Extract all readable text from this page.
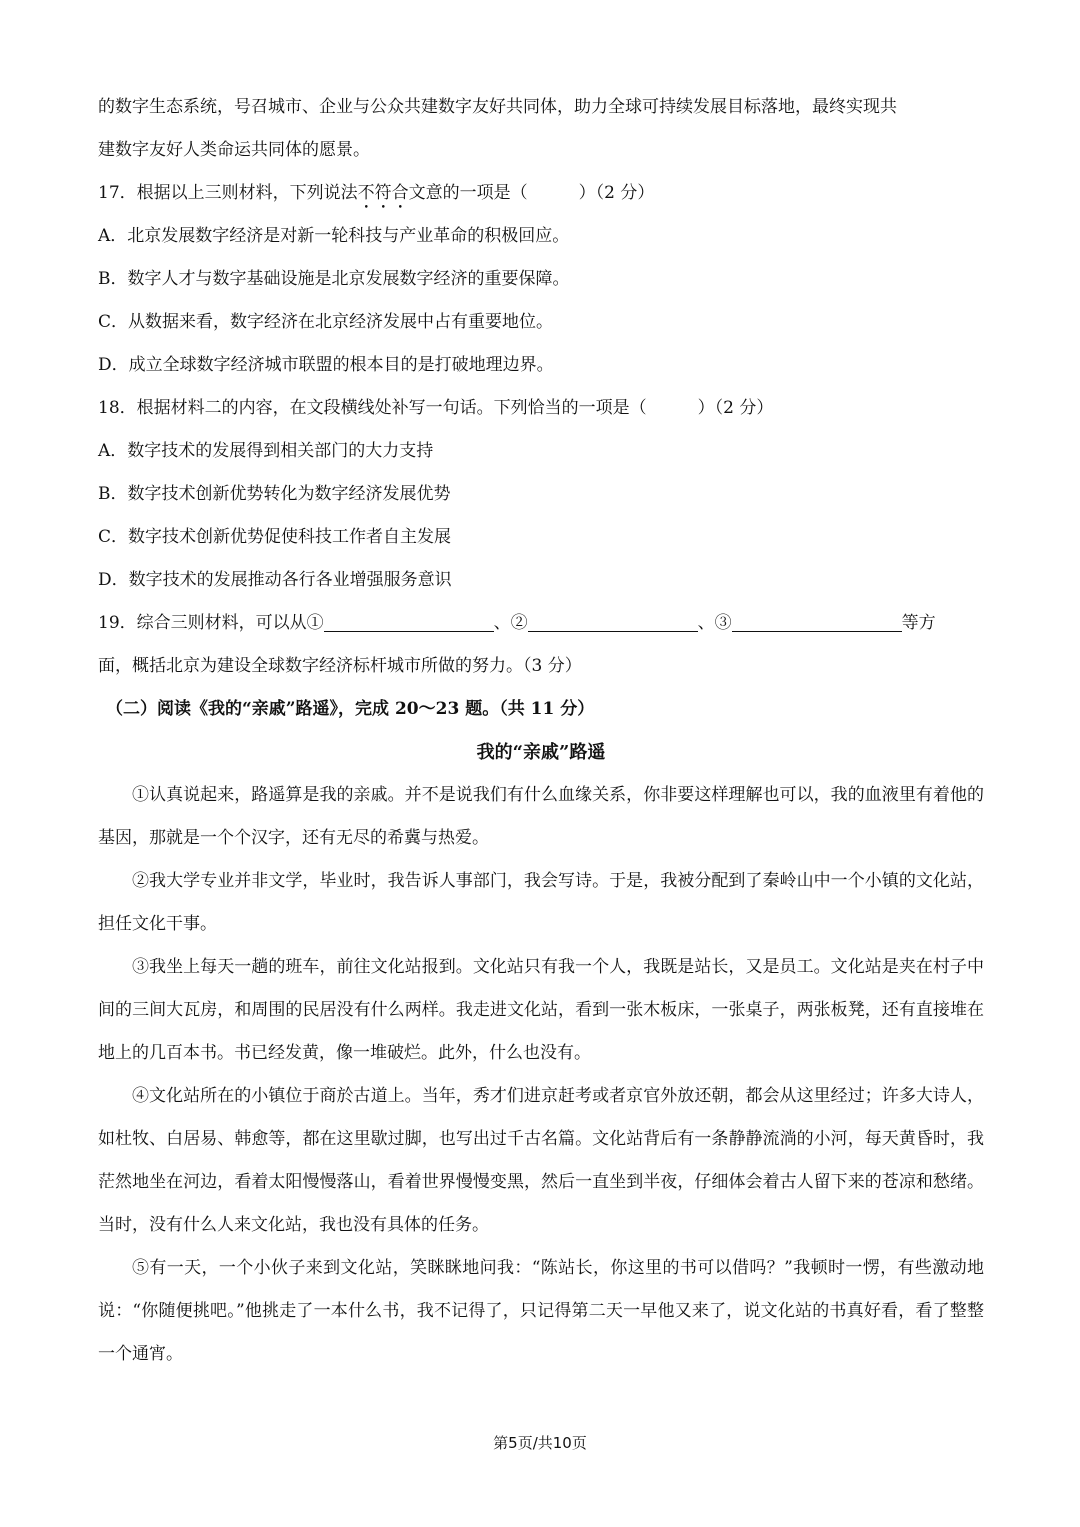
的数字生态系统，号召城市、企业与公众共建数字友好共同体，助力全球可持续发展目标落地，最终实现共
建数字友好人类命运共同体的愿景。
17．根据以上三则材料，下列说法不符合文意的一项是（　　　）（2 分）
A．北京发展数字经济是对新一轮科技与产业革命的积极回应。
B．数字人才与数字基础设施是北京发展数字经济的重要保障。
C．从数据来看，数字经济在北京经济发展中占有重要地位。
D．成立全球数字经济城市联盟的根本目的是打破地理边界。
18．根据材料二的内容，在文段横线处补写一句话。下列恰当的一项是（　　　）（2 分）
A．数字技术的发展得到相关部门的大力支持
B．数字技术创新优势转化为数字经济发展优势
C．数字技术创新优势促使科技工作者自主发展
D．数字技术的发展推动各行各业增强服务意识
19．综合三则材料，可以从①	、②	、③	等方
面，概括北京为建设全球数字经济标杆城市所做的努力。（3 分）
（二）阅读《我的“亲戚”路遥》，完成 20～23 题。（共 11 分）
我的“亲戚”路遥

①认真说起来，路遥算是我的亲戚。并不是说我们有什么血缘关系，你非要这样理解也可以，我的血液里有着他的基因，那就是一个个汉字，还有无尽的希冀与热爱。

②我大学专业并非文学，毕业时，我告诉人事部门，我会写诗。于是，我被分配到了秦岭山中一个小镇的文化站，担任文化干事。

③我坐上每天一趟的班车，前往文化站报到。文化站只有我一个人，我既是站长，又是员工。文化站是夹在村子中间的三间大瓦房，和周围的民居没有什么两样。我走进文化站，看到一张木板床，一张桌子，两张板凳，还有直接堆在地上的几百本书。书已经发黄，像一堆破烂。此外，什么也没有。

④文化站所在的小镇位于商於古道上。当年，秀才们进京赶考或者京官外放还朝，都会从这里经过；许多大诗人，如杜牧、白居易、韩愈等，都在这里歇过脚，也写出过千古名篇。文化站背后有一条静静流淌的小河，每天黄昏时，我茫然地坐在河边，看着太阳慢慢落山，看着世界慢慢变黑，然后一直坐到半夜，仔细体会着古人留下来的苍凉和愁绪。当时，没有什么人来文化站，我也没有具体的任务。

⑤有一天，一个小伙子来到文化站，笑眯眯地问我：“陈站长，你这里的书可以借吗？”我顿时一愣，有些激动地说：“你随便挑吧。”他挑走了一本什么书，我不记得了，只记得第二天一早他又来了，说文化站的书真好看，看了整整一个通宵。

第5页/共10页
